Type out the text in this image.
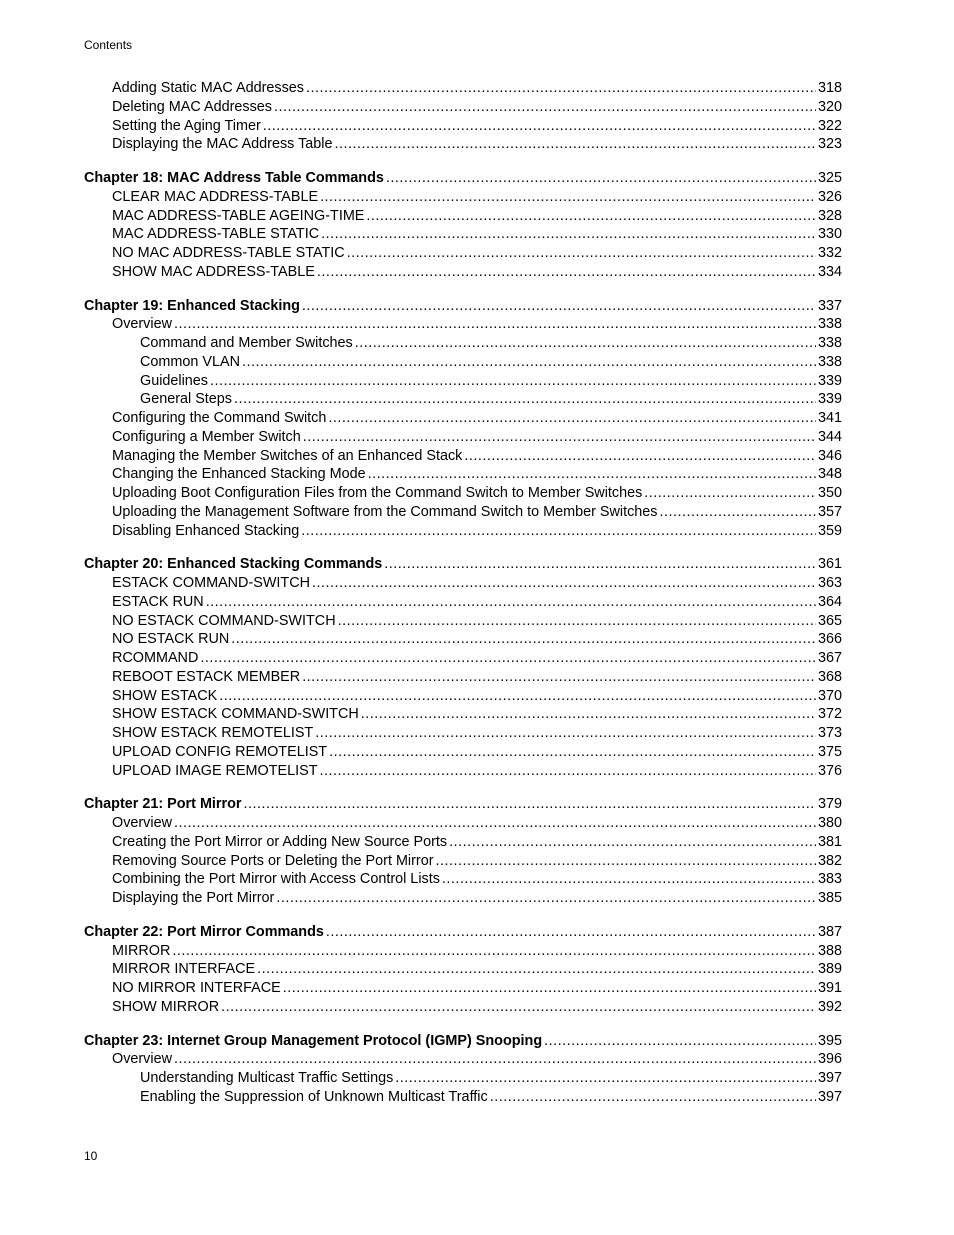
Contents
Adding Static MAC Addresses .....	318
Deleting MAC Addresses .....	320
Setting the Aging Timer .....	322
Displaying the MAC Address Table .....	323
Chapter 18: MAC Address Table Commands .....	325
CLEAR MAC ADDRESS-TABLE .....	326
MAC ADDRESS-TABLE AGEING-TIME .....	328
MAC ADDRESS-TABLE STATIC .....	330
NO MAC ADDRESS-TABLE STATIC .....	332
SHOW MAC ADDRESS-TABLE .....	334
Chapter 19: Enhanced Stacking .....	337
Overview .....	338
Command and Member Switches .....	338
Common VLAN .....	338
Guidelines .....	339
General Steps .....	339
Configuring the Command Switch .....	341
Configuring a Member Switch .....	344
Managing the Member Switches of an Enhanced Stack .....	346
Changing the Enhanced Stacking Mode .....	348
Uploading Boot Configuration Files from the Command Switch to Member Switches .....	350
Uploading the Management Software from the Command Switch to Member Switches .....	357
Disabling Enhanced Stacking .....	359
Chapter 20: Enhanced Stacking Commands .....	361
ESTACK COMMAND-SWITCH .....	363
ESTACK RUN .....	364
NO ESTACK COMMAND-SWITCH .....	365
NO ESTACK RUN .....	366
RCOMMAND .....	367
REBOOT ESTACK MEMBER .....	368
SHOW ESTACK .....	370
SHOW ESTACK COMMAND-SWITCH .....	372
SHOW ESTACK REMOTELIST .....	373
UPLOAD CONFIG REMOTELIST .....	375
UPLOAD IMAGE REMOTELIST .....	376
Chapter 21: Port Mirror .....	379
Overview .....	380
Creating the Port Mirror or Adding New Source Ports .....	381
Removing Source Ports or Deleting the Port Mirror .....	382
Combining the Port Mirror with Access Control Lists .....	383
Displaying the Port Mirror .....	385
Chapter 22: Port Mirror Commands .....	387
MIRROR .....	388
MIRROR INTERFACE .....	389
NO MIRROR INTERFACE .....	391
SHOW MIRROR .....	392
Chapter 23: Internet Group Management Protocol (IGMP) Snooping .....	395
Overview .....	396
Understanding Multicast Traffic Settings .....	397
Enabling the Suppression of Unknown Multicast Traffic .....	397
10
